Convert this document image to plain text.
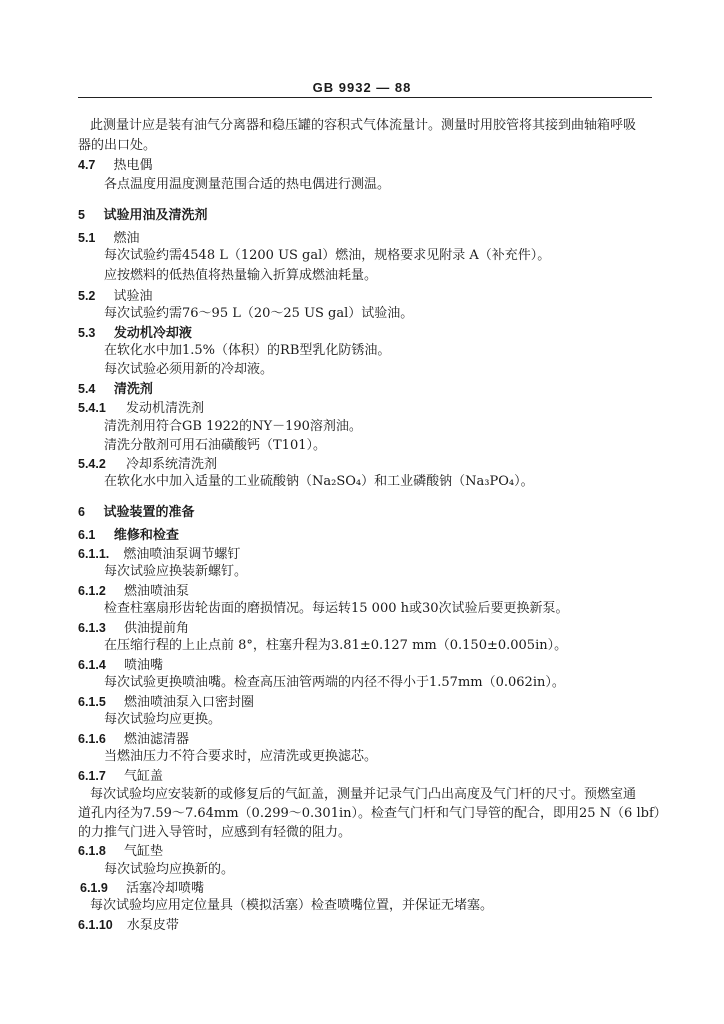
GB 9932 — 88
此测量计应是装有油气分离器和稳压罐的容积式气体流量计。测量时用胶管将其接到曲轴箱呼吸
器的出口处。
4.7 热电偶
各点温度用温度测量范围合适的热电偶进行测温。
5 试验用油及清洗剂
5.1 燃油
每次试验约需4548 L（1200 US gal）燃油，规格要求见附录 A（补充件）。
应按燃料的低热值将热量输入折算成燃油耗量。
5.2 试验油
每次试验约需76～95 L（20～25 US gal）试验油。
5.3 发动机冷却液
在软化水中加1.5%（体积）的RB型乳化防锈油。
每次试验必须用新的冷却液。
5.4 清洗剂
5.4.1 发动机清洗剂
清洗剂用符合GB 1922的NY－190溶剂油。
清洗分散剂可用石油磺酸钙（T101）。
5.4.2 冷却系统清洗剂
在软化水中加入适量的工业硫酸钠（Na₂SO₄）和工业磷酸钠（Na₃PO₄）。
6 试验装置的准备
6.1 维修和检查
6.1.1. 燃油喷油泵调节螺钉
每次试验应换装新螺钉。
6.1.2 燃油喷油泵
检查柱塞扇形齿轮齿面的磨损情况。每运转15 000 h或30次试验后要更换新泵。
6.1.3 供油提前角
在压缩行程的上止点前 8°，柱塞升程为3.81±0.127 mm（0.150±0.005in）。
6.1.4 喷油嘴
每次试验更换喷油嘴。检查高压油管两端的内径不得小于1.57mm（0.062in）。
6.1.5 燃油喷油泵入口密封圈
每次试验均应更换。
6.1.6 燃油滤清器
当燃油压力不符合要求时，应清洗或更换滤芯。
6.1.7 气缸盖
每次试验均应安装新的或修复后的气缸盖，测量并记录气门凸出高度及气门杆的尺寸。预燃室通
道孔内径为7.59～7.64mm（0.299～0.301in）。检查气门杆和气门导管的配合，即用25 N（6 lbf）
的力推气门进入导管时，应感到有轻微的阻力。
6.1.8 气缸垫
每次试验均应换新的。
6.1.9 活塞冷却喷嘴
每次试验均应用定位量具（模拟活塞）检查喷嘴位置，并保证无堵塞。
6.1.10 水泵皮带
